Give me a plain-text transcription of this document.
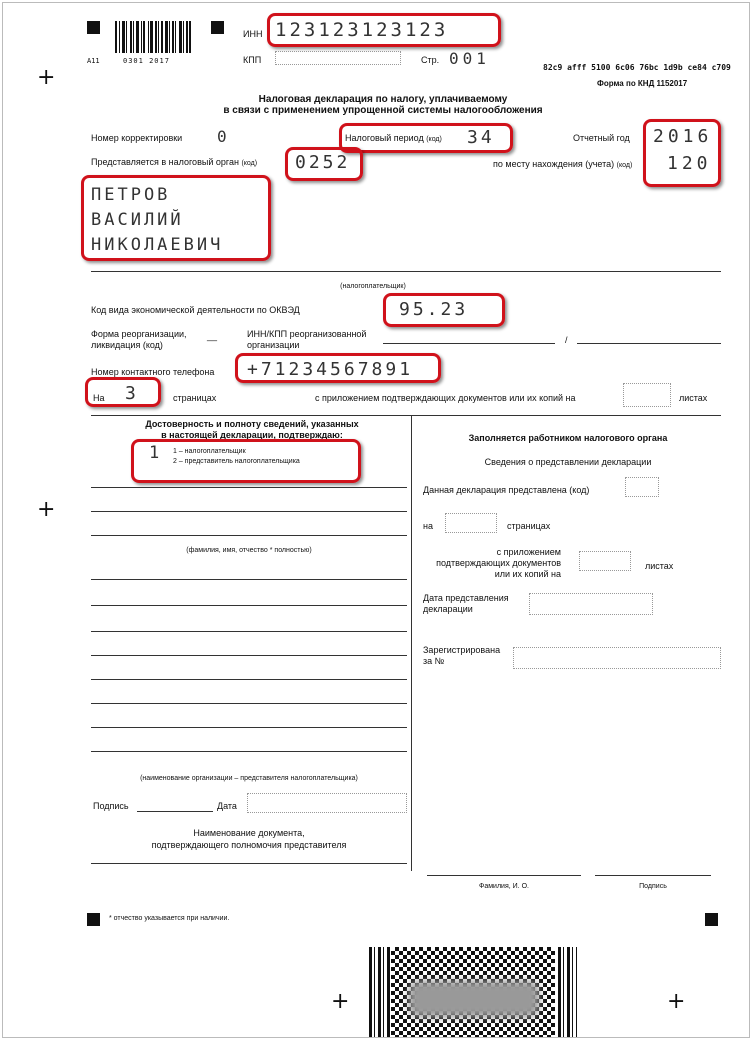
+
+
+	+
А11	0301 2017
ИНН 123123123123
КПП	Стр. 001	82c9 afff 5100 6c06 76bc 1d9b ce84 c709
Форма по КНД 1152017
Налоговая декларация по налогу, уплачиваемому
в связи с применением упрощенной системы налогообложения
Номер корректировки 0	Налоговый период (код) 34	Отчетный год 2016
Представляется в налоговый орган (код) 0252	по месту нахождения (учета) (код) 120
ПЕТРОВ
ВАСИЛИЙ
НИКОЛАЕВИЧ
(налогоплательщик)
Код вида экономической деятельности по ОКВЭД	95.23
Форма реорганизации,
ликвидация (код)
__	ИНН/КПП реорганизованной
организации	/
Номер контактного телефона +71234567891
На 3	страницах	с приложением подтверждающих документов или их копий на	листах
Достоверность и полноту сведений, указанных
в настоящей декларации, подтверждаю:
1 1 – налогоплательщик
2 – представитель налогоплательщика
(фамилия, имя, отчество * полностью)
(наименование организации – представителя налогоплательщика)
Подпись	Дата
Наименование документа,
подтверждающего полномочия представителя
Заполняется работником налогового органа
Сведения о представлении декларации
Данная декларация представлена (код)
на	страницах
с приложением
подтверждающих документов
или их копий на
листах
Дата представления
декларации
Зарегистрирована
за №
Фамилия, И. О.	Подпись
* отчество указывается при наличии.
